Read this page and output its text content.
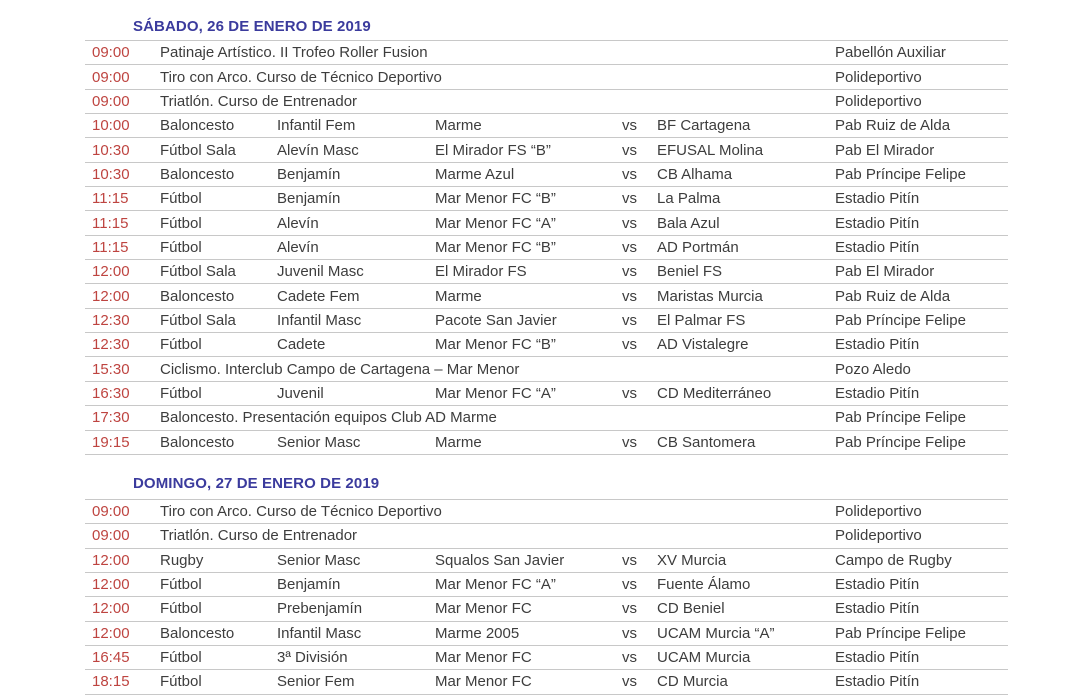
SÁBADO, 26 DE ENERO DE 2019
09:00	Patinaje Artístico. II Trofeo Roller Fusion	Pabellón Auxiliar
09:00	Tiro con Arco. Curso de Técnico Deportivo	Polideportivo
09:00	Triatlón. Curso de Entrenador	Polideportivo
10:00	Baloncesto	Infantil Fem	Marme	vs	BF Cartagena	Pab Ruiz de Alda
10:30	Fútbol Sala	Alevín Masc	El Mirador FS “B”	vs	EFUSAL Molina	Pab El Mirador
10:30	Baloncesto	Benjamín	Marme Azul	vs	CB Alhama	Pab Príncipe Felipe
11:15	Fútbol	Benjamín	Mar Menor FC “B”	vs	La Palma	Estadio Pitín
11:15	Fútbol	Alevín	Mar Menor FC “A”	vs	Bala Azul	Estadio Pitín
11:15	Fútbol	Alevín	Mar Menor FC “B”	vs	AD Portmán	Estadio Pitín
12:00	Fútbol Sala	Juvenil Masc	El Mirador FS	vs	Beniel FS	Pab El Mirador
12:00	Baloncesto	Cadete Fem	Marme	vs	Maristas Murcia	Pab Ruiz de Alda
12:30	Fútbol Sala	Infantil Masc	Pacote San Javier	vs	El Palmar FS	Pab Príncipe Felipe
12:30	Fútbol	Cadete	Mar Menor FC “B”	vs	AD Vistalegre	Estadio Pitín
15:30	Ciclismo. Interclub Campo de Cartagena – Mar Menor	Pozo Aledo
16:30	Fútbol	Juvenil	Mar Menor FC “A”	vs	CD Mediterráneo	Estadio Pitín
17:30	Baloncesto. Presentación equipos Club AD Marme	Pab Príncipe Felipe
19:15	Baloncesto	Senior Masc	Marme	vs	CB Santomera	Pab Príncipe Felipe
DOMINGO, 27 DE ENERO DE 2019
09:00	Tiro con Arco. Curso de Técnico Deportivo	Polideportivo
09:00	Triatlón. Curso de Entrenador	Polideportivo
12:00	Rugby	Senior Masc	Squalos San Javier	vs	XV Murcia	Campo de Rugby
12:00	Fútbol	Benjamín	Mar Menor FC “A”	vs	Fuente Álamo	Estadio Pitín
12:00	Fútbol	Prebenjamín	Mar Menor FC	vs	CD Beniel	Estadio Pitín
12:00	Baloncesto	Infantil Masc	Marme 2005	vs	UCAM Murcia “A”	Pab Príncipe Felipe
16:45	Fútbol	3ª División	Mar Menor FC	vs	UCAM Murcia	Estadio Pitín
18:15	Fútbol	Senior Fem	Mar Menor FC	vs	CD Murcia	Estadio Pitín
